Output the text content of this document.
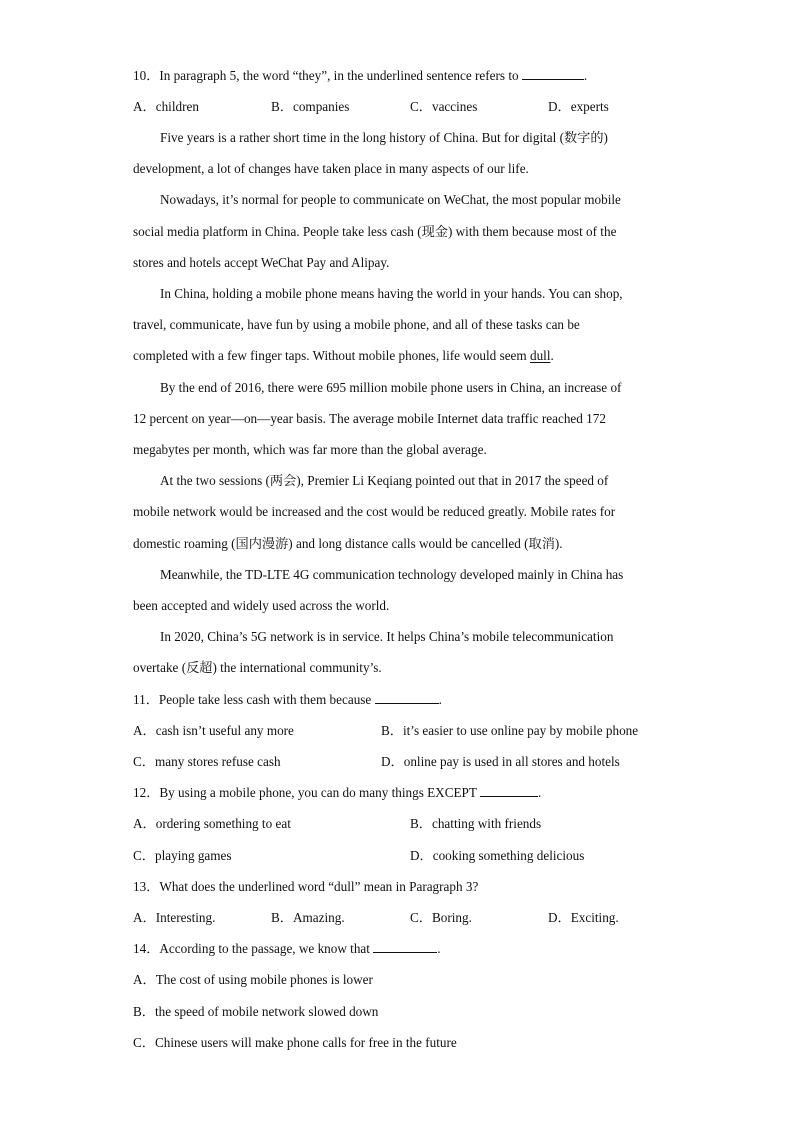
10．In paragraph 5, the word “they”, in the underlined sentence refers to	.
A．children	B．companies	C．vaccines	D．experts
Five years is a rather short time in the long history of China. But for digital (数字的)
development, a lot of changes have taken place in many aspects of our life.
Nowadays, it’s normal for people to communicate on WeChat, the most popular mobile
social media platform in China. People take less cash (现金) with them because most of the
stores and hotels accept WeChat Pay and Alipay.
In China, holding a mobile phone means having the world in your hands. You can shop,
travel, communicate, have fun by using a mobile phone, and all of these tasks can be
completed with a few finger taps. Without mobile phones, life would seem dull.
By the end of 2016, there were 695 million mobile phone users in China, an increase of
12 percent on year—on—year basis. The average mobile Internet data traffic reached 172
megabytes per month, which was far more than the global average.
At the two sessions (两会), Premier Li Keqiang pointed out that in 2017 the speed of
mobile network would be increased and the cost would be reduced greatly. Mobile rates for
domestic roaming (国内漫游) and long distance calls would be cancelled (取消).
Meanwhile, the TD-LTE 4G communication technology developed mainly in China has
been accepted and widely used across the world.
In 2020, China’s 5G network is in service. It helps China’s mobile telecommunication
overtake (反超) the international community’s.
11．People take less cash with them because	.
A．cash isn’t useful any more	B．it’s easier to use online pay by mobile phone
C．many stores refuse cash	D．online pay is used in all stores and hotels
12．By using a mobile phone, you can do many things EXCEPT	.
A．ordering something to eat	B．chatting with friends
C．playing games	D．cooking something delicious
13．What does the underlined word “dull” mean in Paragraph 3?
A．Interesting.	B．Amazing.	C．Boring.	D．Exciting.
14．According to the passage, we know that	.
A．The cost of using mobile phones is lower
B．the speed of mobile network slowed down
C．Chinese users will make phone calls for free in the future
